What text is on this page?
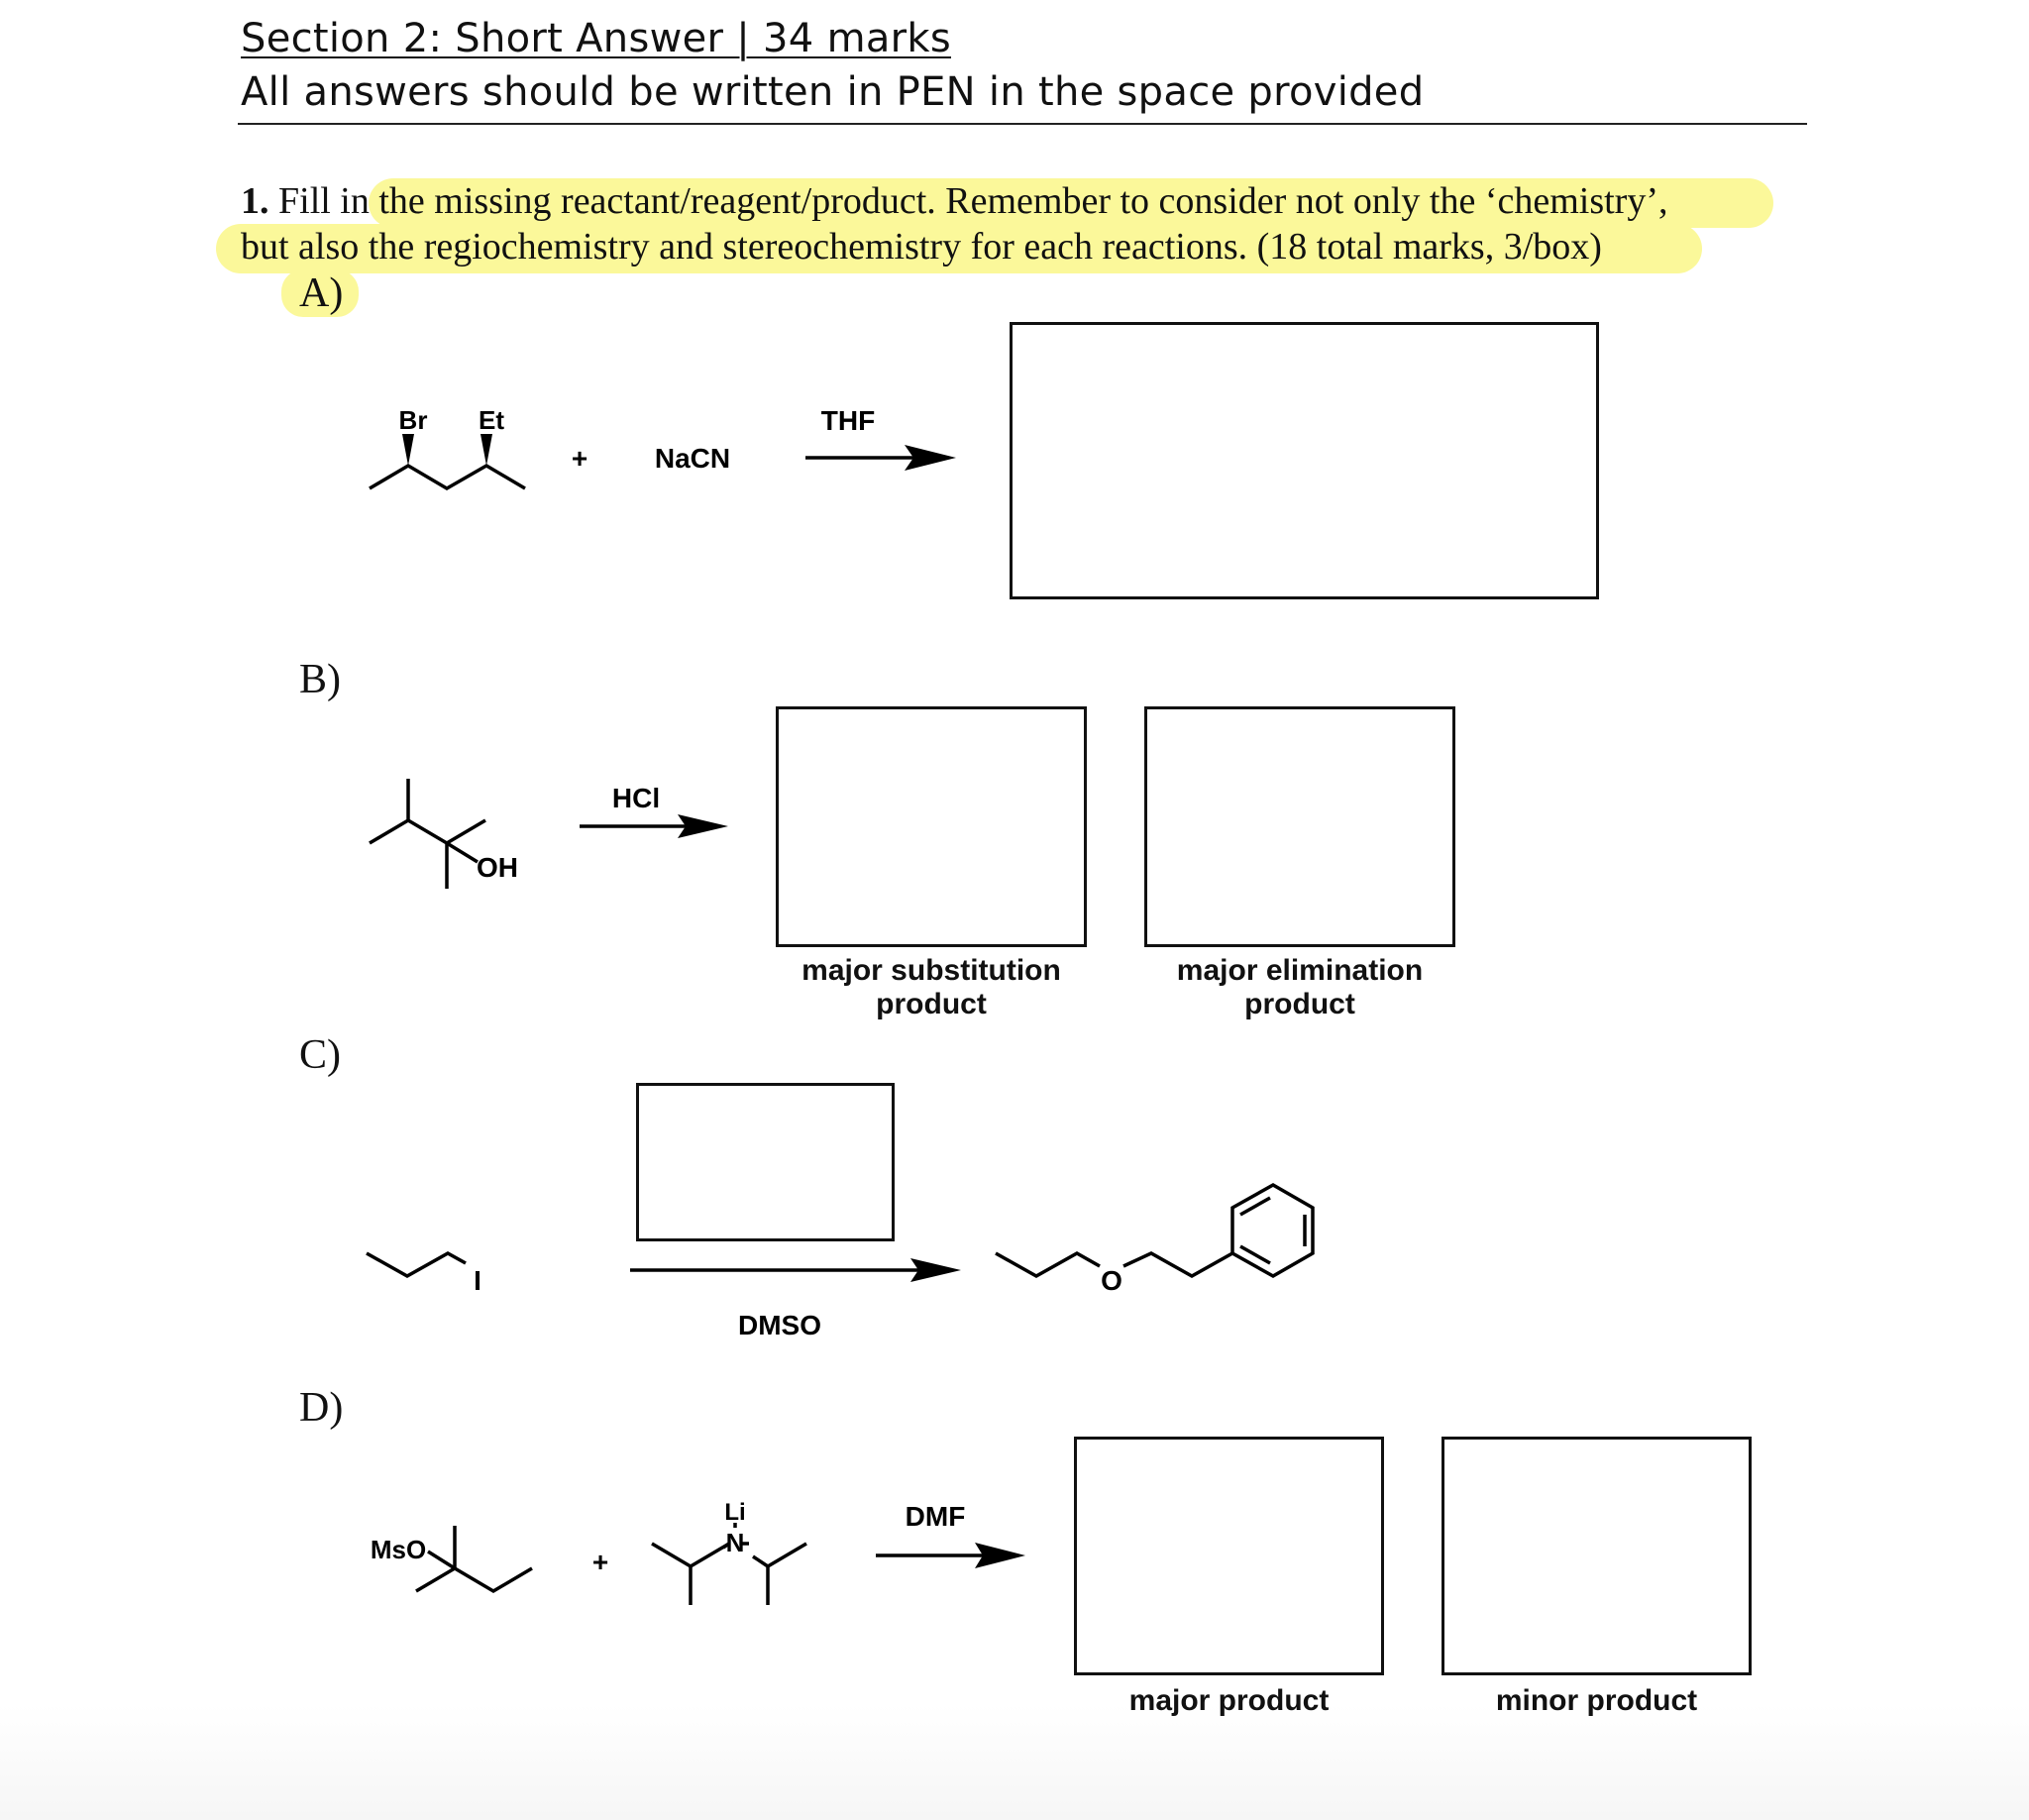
Section 2: Short Answer | 34 marks
All answers should be written in PEN in the space provided
1. Fill in the missing reactant/reagent/product. Remember to consider not only the ‘chemistry’,
but also the regiochemistry and stereochemistry for each reactions. (18 total marks, 3/box)
A)
B)
C)
D)
Br Et
+ NaCN
THF
OH
HCl
I
DMSO
O
MsO	+
Li
N
DMF
major substitution
product
major elimination
product
major product	minor product
